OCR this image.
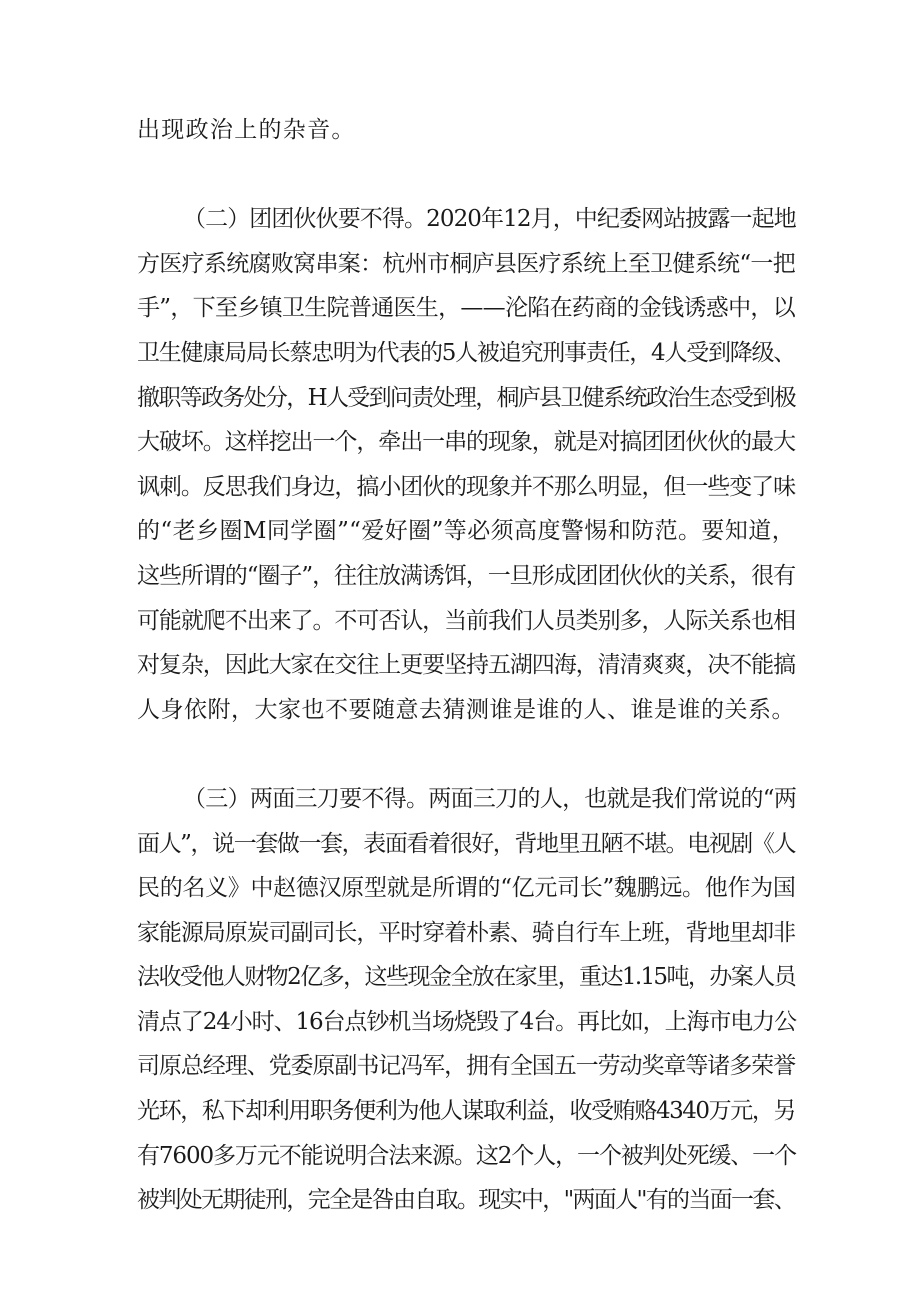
出现政治上的杂音。
（二）团团伙伙要不得。2020年12月，中纪委网站披露一起地
方医疗系统腐败窝串案：杭州市桐庐县医疗系统上至卫健系统“一把
手”，下至乡镇卫生院普通医生，——沦陷在药商的金钱诱惑中，以
卫生健康局局长蔡忠明为代表的5人被追究刑事责任，4人受到降级、
撤职等政务处分，H人受到问责处理，桐庐县卫健系统政治生态受到极
大破坏。这样挖出一个，牵出一串的现象，就是对搞团团伙伙的最大
讽刺。反思我们身边，搞小团伙的现象并不那么明显，但一些变了味
的“老乡圈M同学圈”“爱好圈”等必须高度警惕和防范。要知道，
这些所谓的“圈子”，往往放满诱饵，一旦形成团团伙伙的关系，很有
可能就爬不出来了。不可否认，当前我们人员类别多，人际关系也相
对复杂，因此大家在交往上更要坚持五湖四海，清清爽爽，决不能搞
人身依附，大家也不要随意去猜测谁是谁的人、谁是谁的关系。
（三）两面三刀要不得。两面三刀的人，也就是我们常说的“两
面人”，说一套做一套，表面看着很好，背地里丑陋不堪。电视剧《人
民的名义》中赵德汉原型就是所谓的“亿元司长”魏鹏远。他作为国
家能源局原炭司副司长，平时穿着朴素、骑自行车上班，背地里却非
法收受他人财物2亿多，这些现金全放在家里，重达1.15吨，办案人员
清点了24小时、16台点钞机当场烧毁了4台。再比如，上海市电力公
司原总经理、党委原副书记冯军，拥有全国五一劳动奖章等诸多荣誉
光环，私下却利用职务便利为他人谋取利益，收受贿赂4340万元，另
有7600多万元不能说明合法来源。这2个人，一个被判处死缓、一个
被判处无期徒刑，完全是咎由自取。现实中，"两面人''有的当面一套、
